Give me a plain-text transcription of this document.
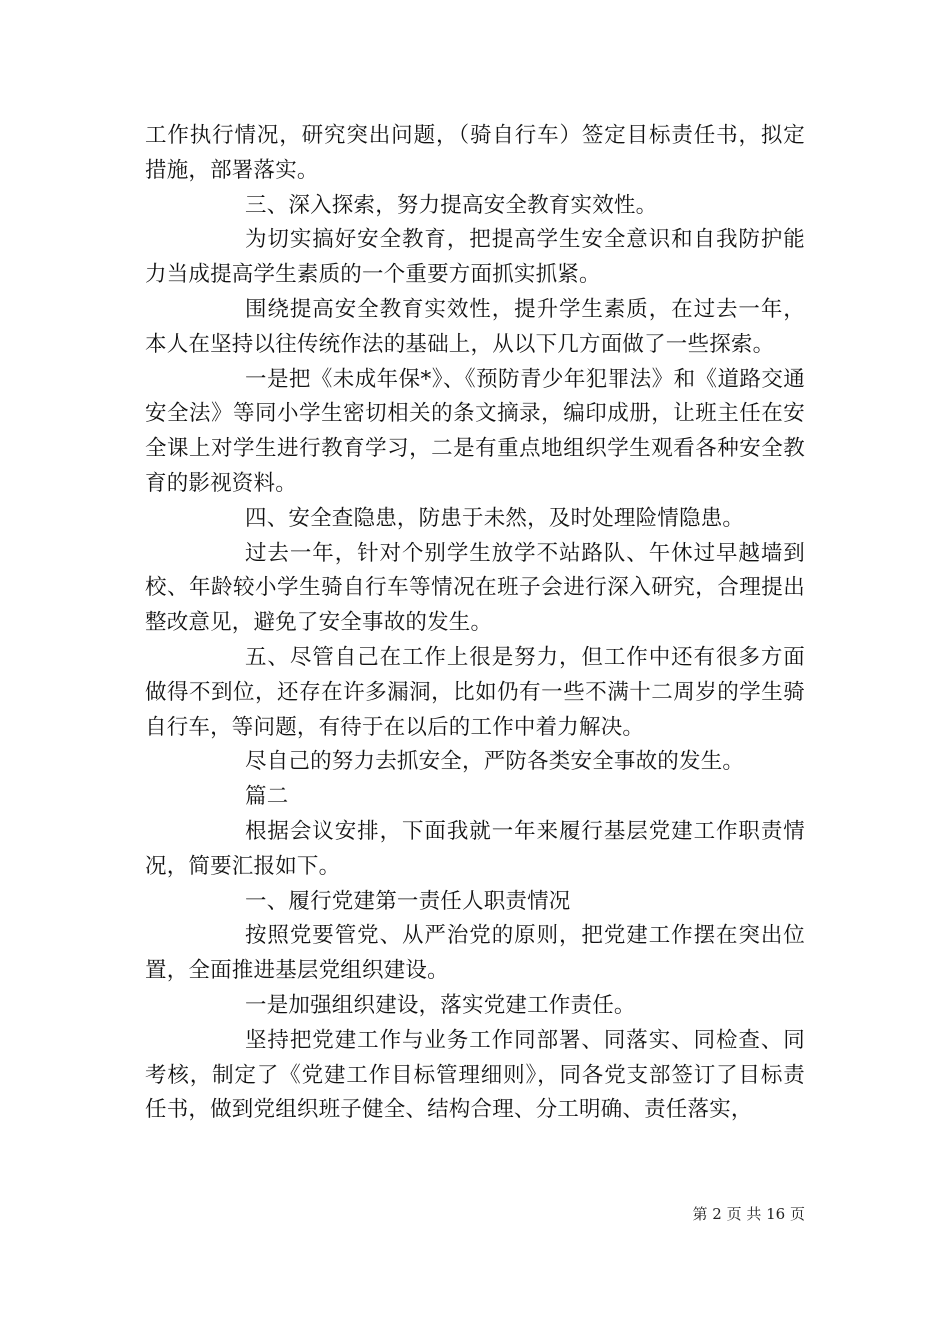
工作执行情况，研究突出问题，（骑自行车）签定目标责任书，拟定措施，部署落实。

三、深入探索，努力提高安全教育实效性。

为切实搞好安全教育，把提高学生安全意识和自我防护能力当成提高学生素质的一个重要方面抓实抓紧。

围绕提高安全教育实效性，提升学生素质，在过去一年，本人在坚持以往传统作法的基础上，从以下几方面做了一些探索。

一是把《未成年保*》、《预防青少年犯罪法》和《道路交通安全法》等同小学生密切相关的条文摘录，编印成册，让班主任在安全课上对学生进行教育学习，二是有重点地组织学生观看各种安全教育的影视资料。

四、安全查隐患，防患于未然，及时处理险情隐患。

过去一年，针对个别学生放学不站路队、午休过早越墙到校、年龄较小学生骑自行车等情况在班子会进行深入研究，合理提出整改意见，避免了安全事故的发生。

五、尽管自己在工作上很是努力，但工作中还有很多方面做得不到位，还存在许多漏洞，比如仍有一些不满十二周岁的学生骑自行车，等问题，有待于在以后的工作中着力解决。

尽自己的努力去抓安全，严防各类安全事故的发生。

篇二

根据会议安排，下面我就一年来履行基层党建工作职责情况，简要汇报如下。

一、履行党建第一责任人职责情况

按照党要管党、从严治党的原则，把党建工作摆在突出位置，全面推进基层党组织建设。

一是加强组织建设，落实党建工作责任。

坚持把党建工作与业务工作同部署、同落实、同检查、同考核，制定了《党建工作目标管理细则》，同各党支部签订了目标责任书，做到党组织班子健全、结构合理、分工明确、责任落实，

第 2 页 共 16 页
